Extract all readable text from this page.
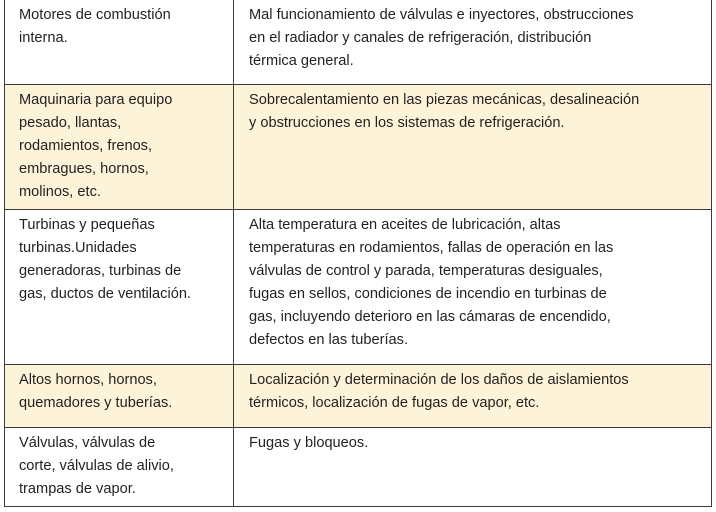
Motores de combustión
interna.
Mal funcionamiento de válvulas e inyectores, obstrucciones
en el radiador y canales de refrigeración, distribución
térmica general.
Maquinaria para equipo
pesado, llantas,
rodamientos, frenos,
embragues, hornos,
molinos, etc.
Sobrecalentamiento en las piezas mecánicas, desalineación
y obstrucciones en los sistemas de refrigeración.
Turbinas y pequeñas
turbinas.Unidades
generadoras, turbinas de
gas, ductos de ventilación.
Alta temperatura en aceites de lubricación, altas
temperaturas en rodamientos, fallas de operación en las
válvulas de control y parada, temperaturas desiguales,
fugas en sellos, condiciones de incendio en turbinas de
gas, incluyendo deterioro en las cámaras de encendido,
defectos en las tuberías.
Altos hornos, hornos,
quemadores y tuberías.
Localización y determinación de los daños de aislamientos
térmicos, localización de fugas de vapor, etc.
Válvulas, válvulas de
corte, válvulas de alivio,
trampas de vapor.
Fugas y bloqueos.
